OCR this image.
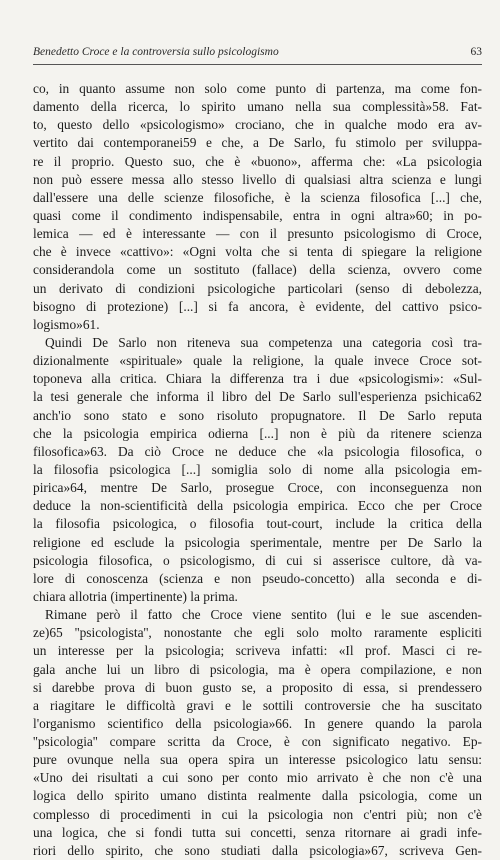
Benedetto Croce e la controversia sullo psicologismo	63
co, in quanto assume non solo come punto di partenza, ma come fon-
damento della ricerca, lo spirito umano nella sua complessità»58. Fat-
to, questo dello «psicologismo» crociano, che in qualche modo era av-
vertito dai contemporanei59 e che, a De Sarlo, fu stimolo per sviluppa-
re il proprio. Questo suo, che è «buono», afferma che: «La psicologia
non può essere messa allo stesso livello di qualsiasi altra scienza e lungi
dall'essere una delle scienze filosofiche, è la scienza filosofica [...] che,
quasi come il condimento indispensabile, entra in ogni altra»60; in po-
lemica — ed è interessante — con il presunto psicologismo di Croce,
che è invece «cattivo»: «Ogni volta che si tenta di spiegare la religione
considerandola come un sostituto (fallace) della scienza, ovvero come
un derivato di condizioni psicologiche particolari (senso di debolezza,
bisogno di protezione) [...] si fa ancora, è evidente, del cattivo psico-
logismo»61.
Quindi De Sarlo non riteneva sua competenza una categoria così tra-
dizionalmente «spirituale» quale la religione, la quale invece Croce sot-
toponeva alla critica. Chiara la differenza tra i due «psicologismi»: «Sul-
la tesi generale che informa il libro del De Sarlo sull'esperienza psichica62
anch'io sono stato e sono risoluto propugnatore. Il De Sarlo reputa
che la psicologia empirica odierna [...] non è più da ritenere scienza
filosofica»63. Da ciò Croce ne deduce che «la psicologia filosofica, o
la filosofia psicologica [...] somiglia solo di nome alla psicologia em-
pirica»64, mentre De Sarlo, prosegue Croce, con inconseguenza non
deduce la non-scientificità della psicologia empirica. Ecco che per Croce
la filosofia psicologica, o filosofia tout-court, include la critica della
religione ed esclude la psicologia sperimentale, mentre per De Sarlo la
psicologia filosofica, o psicologismo, di cui si asserisce cultore, dà va-
lore di conoscenza (scienza e non pseudo-concetto) alla seconda e di-
chiara allotria (impertinente) la prima.
Rimane però il fatto che Croce viene sentito (lui e le sue ascenden-
ze)65 ''psicologista'', nonostante che egli solo molto raramente espliciti
un interesse per la psicologia; scriveva infatti: «Il prof. Masci ci re-
gala anche lui un libro di psicologia, ma è opera compilazione, e non
si darebbe prova di buon gusto se, a proposito di essa, si prendessero
a riagitare le difficoltà gravi e le sottili controversie che ha suscitato
l'organismo scientifico della psicologia»66. In genere quando la parola
''psicologia'' compare scritta da Croce, è con significato negativo. Ep-
pure ovunque nella sua opera spira un interesse psicologico latu sensu:
«Uno dei risultati a cui sono per conto mio arrivato è che non c'è una
logica dello spirito umano distinta realmente dalla psicologia, come un
complesso di procedimenti in cui la psicologia non c'entri più; non c'è
una logica, che si fondi tutta sui concetti, senza ritornare ai gradi infe-
riori dello spirito, che sono studiati dalla psicologia»67, scriveva Gen-
